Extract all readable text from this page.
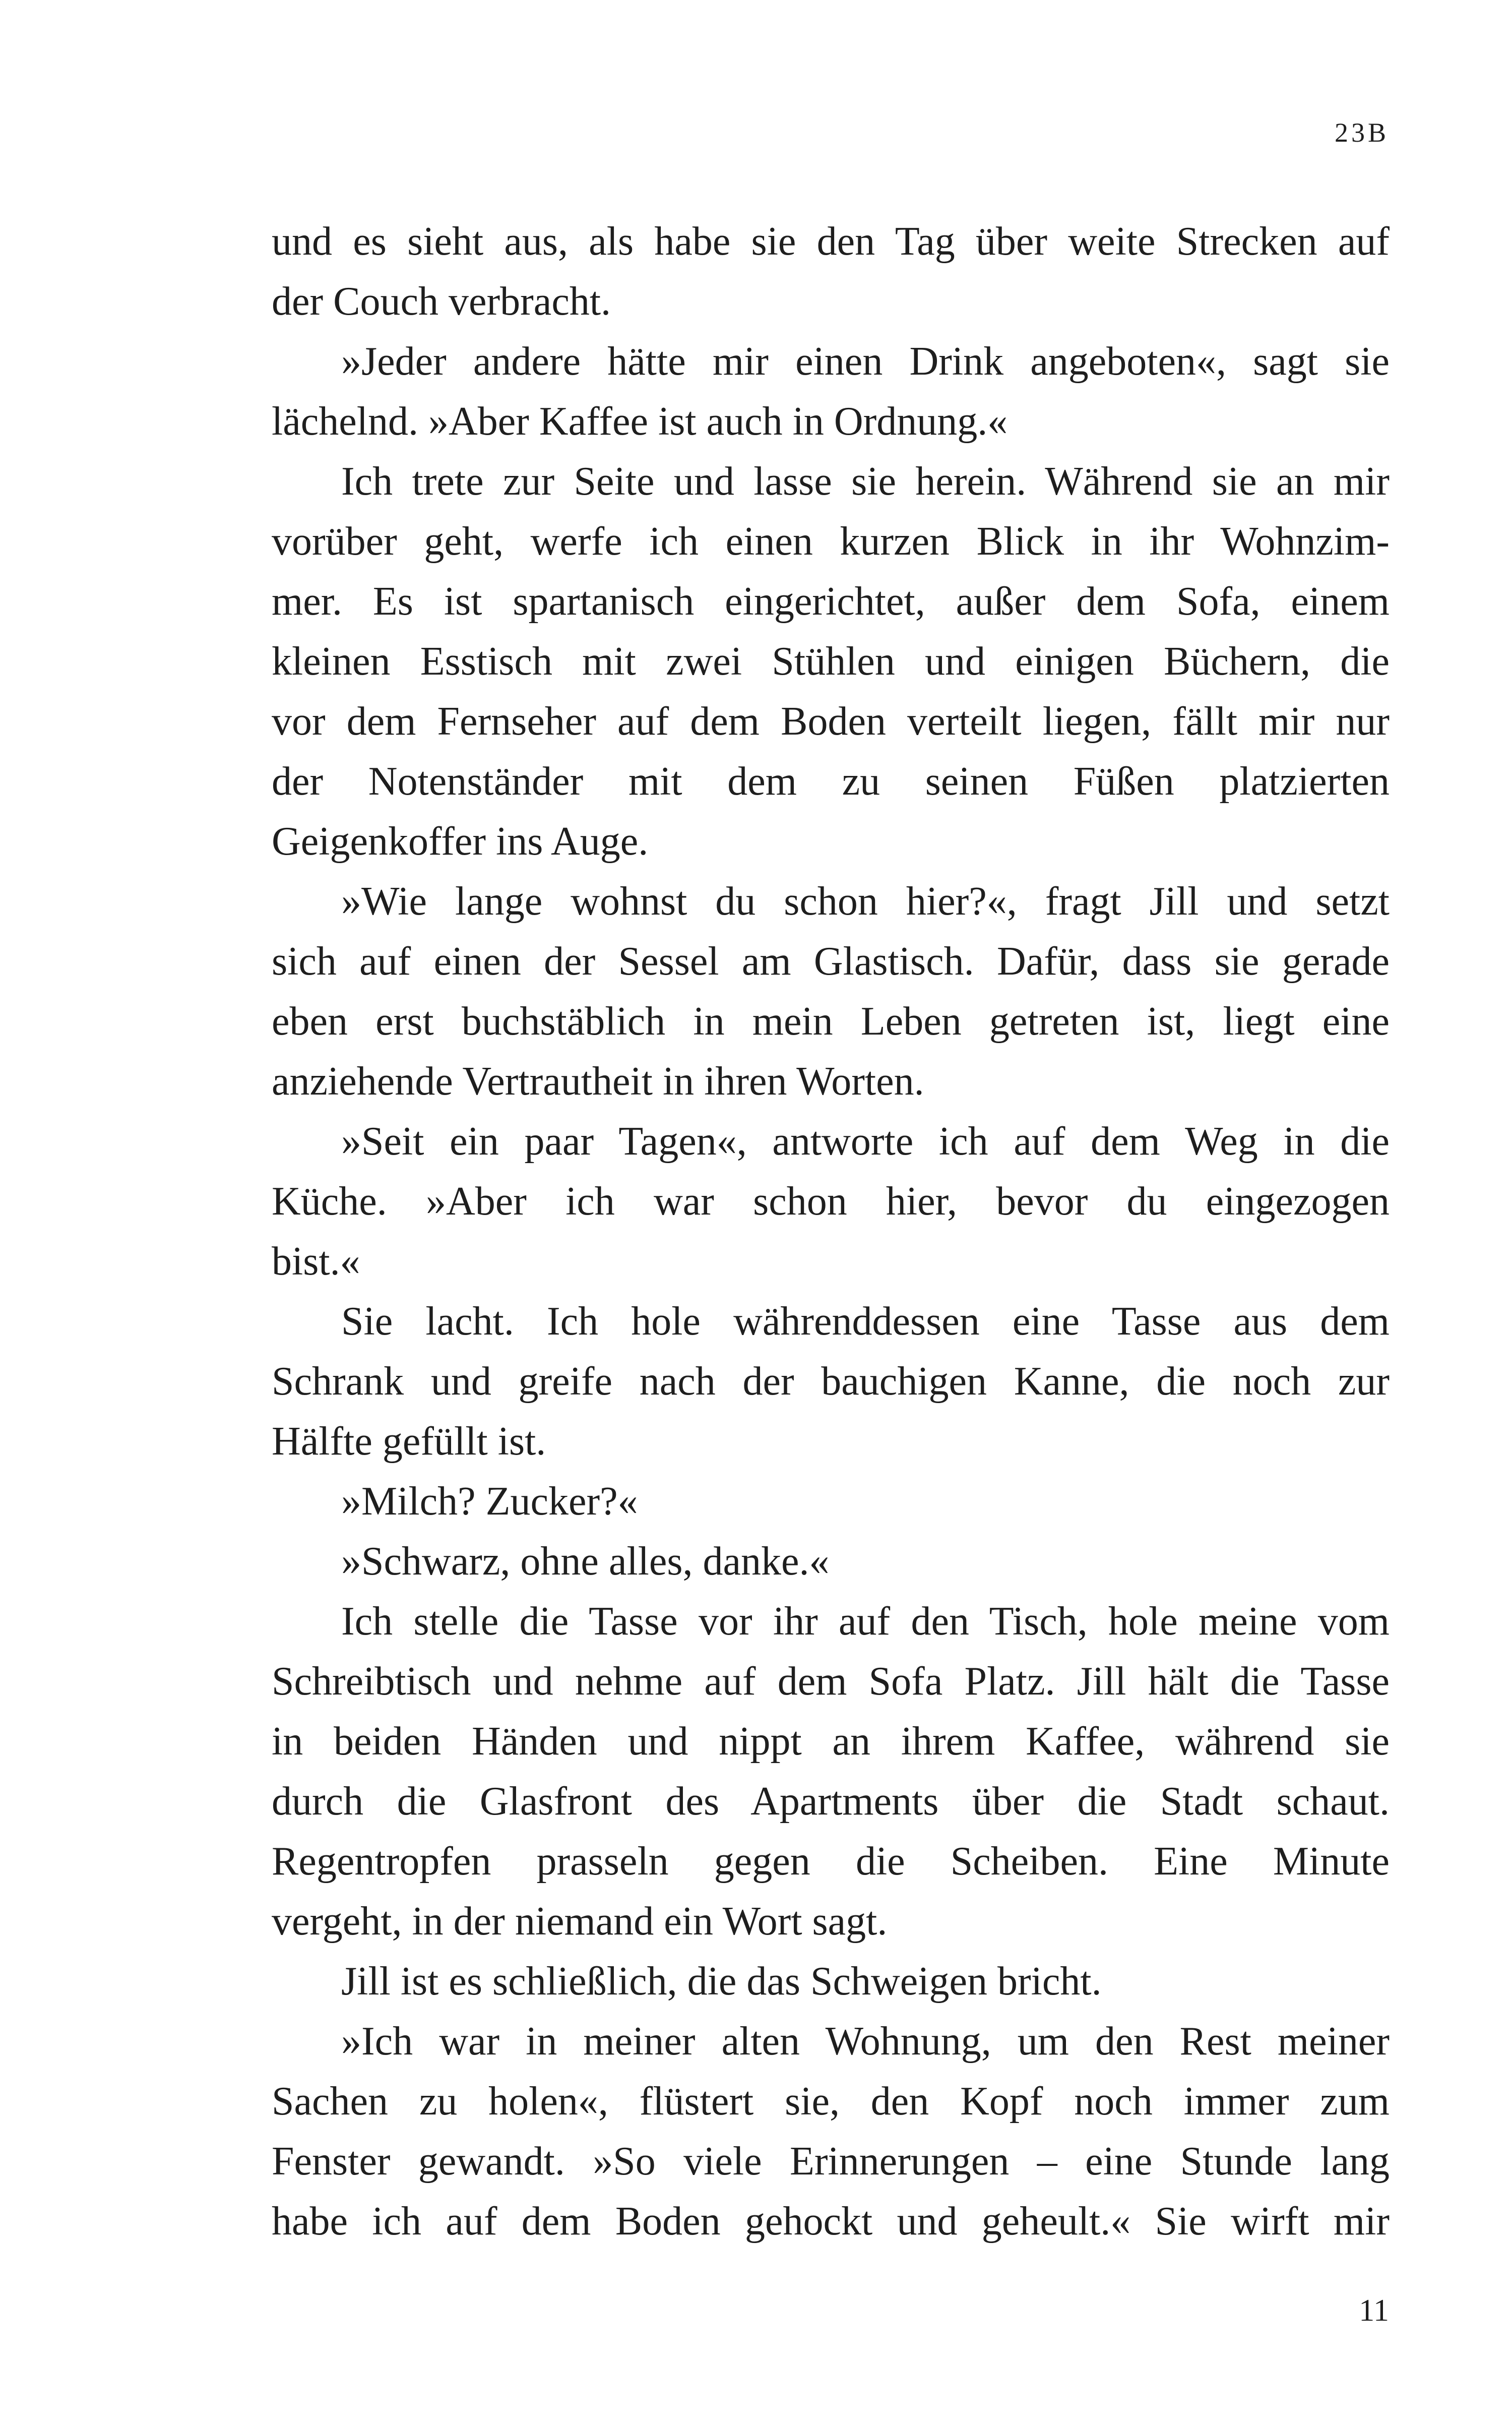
23B
und es sieht aus, als habe sie den Tag über weite Strecken auf
der Couch verbracht.
»Jeder andere hätte mir einen Drink angeboten«, sagt sie
lächelnd. »Aber Kaffee ist auch in Ordnung.«
Ich trete zur Seite und lasse sie herein. Während sie an mir
vorüber geht, werfe ich einen kurzen Blick in ihr Wohnzim-
mer. Es ist spartanisch eingerichtet, außer dem Sofa, einem
kleinen Esstisch mit zwei Stühlen und einigen Büchern, die
vor dem Fernseher auf dem Boden verteilt liegen, fällt mir nur
der Notenständer mit dem zu seinen Füßen platzierten
Geigenkoffer ins Auge.
»Wie lange wohnst du schon hier?«, fragt Jill und setzt
sich auf einen der Sessel am Glastisch. Dafür, dass sie gerade
eben erst buchstäblich in mein Leben getreten ist, liegt eine
anziehende Vertrautheit in ihren Worten.
»Seit ein paar Tagen«, antworte ich auf dem Weg in die
Küche. »Aber ich war schon hier, bevor du eingezogen
bist.«
Sie lacht. Ich hole währenddessen eine Tasse aus dem
Schrank und greife nach der bauchigen Kanne, die noch zur
Hälfte gefüllt ist.
»Milch? Zucker?«
»Schwarz, ohne alles, danke.«
Ich stelle die Tasse vor ihr auf den Tisch, hole meine vom
Schreibtisch und nehme auf dem Sofa Platz. Jill hält die Tasse
in beiden Händen und nippt an ihrem Kaffee, während sie
durch die Glasfront des Apartments über die Stadt schaut.
Regentropfen prasseln gegen die Scheiben. Eine Minute
vergeht, in der niemand ein Wort sagt.
Jill ist es schließlich, die das Schweigen bricht.
»Ich war in meiner alten Wohnung, um den Rest meiner
Sachen zu holen«, flüstert sie, den Kopf noch immer zum
Fenster gewandt. »So viele Erinnerungen – eine Stunde lang
habe ich auf dem Boden gehockt und geheult.« Sie wirft mir
11
